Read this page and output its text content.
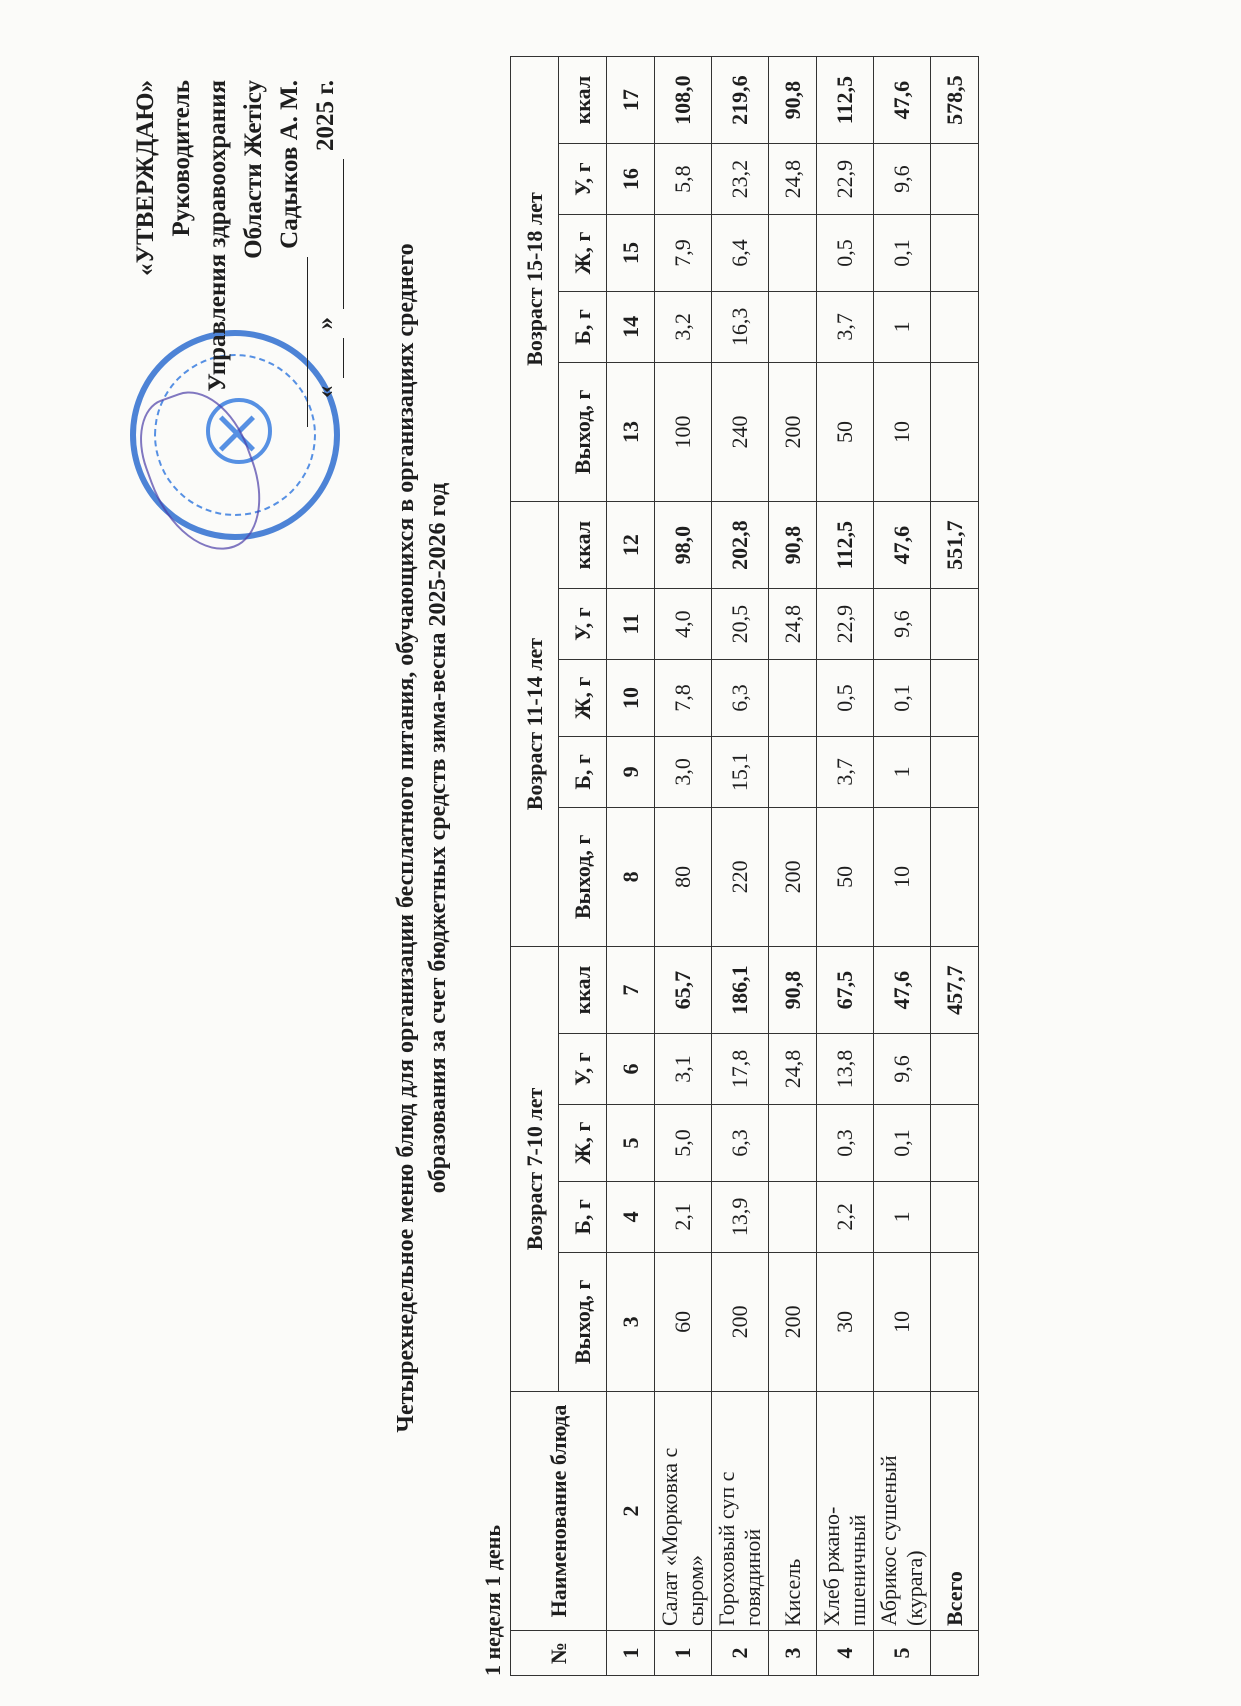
«УТВЕРЖДАЮ» Руководитель Управления здравоохрания Области Жетісу Садыков А. М.
«
»
2025 г.
Четырехнедельное меню блюд для организации бесплатного питания, обучающихся в организациях среднего образования за счет бюджетных средств зима-весна 2025-2026 год
1 неделя 1 день №	Наименование блюда	Возраст 7-10 лет					Возраст 11-14 лет					Возраст 15-18 лет				
		Выход, г	Б, г	Ж, г	У, г	ккал	Выход, г	Б, г	Ж, г	У, г	ккал	Выход, г	Б, г	Ж, г	У, г	ккал
1	2	3	4	5	6	7	8	9	10	11	12	13	14	15	16	17
1	Салат «Морковка с сыром»	60	2,1	5,0	3,1	65,7	80	3,0	7,8	4,0	98,0	100	3,2	7,9	5,8	108,0
2	Гороховый суп с говядиной	200	13,9	6,3	17,8	186,1	220	15,1	6,3	20,5	202,8	240	16,3	6,4	23,2	219,6
3	Кисель	200			24,8	90,8	200			24,8	90,8	200			24,8	90,8
4	Хлеб ржано-пшеничный	30	2,2	0,3	13,8	67,5	50	3,7	0,5	22,9	112,5	50	3,7	0,5	22,9	112,5
5	Абрикос сушеный (курага)	10	1	0,1	9,6	47,6	10	1	0,1	9,6	47,6	10	1	0,1	9,6	47,6
	Всего					457,7					551,7					578,5
